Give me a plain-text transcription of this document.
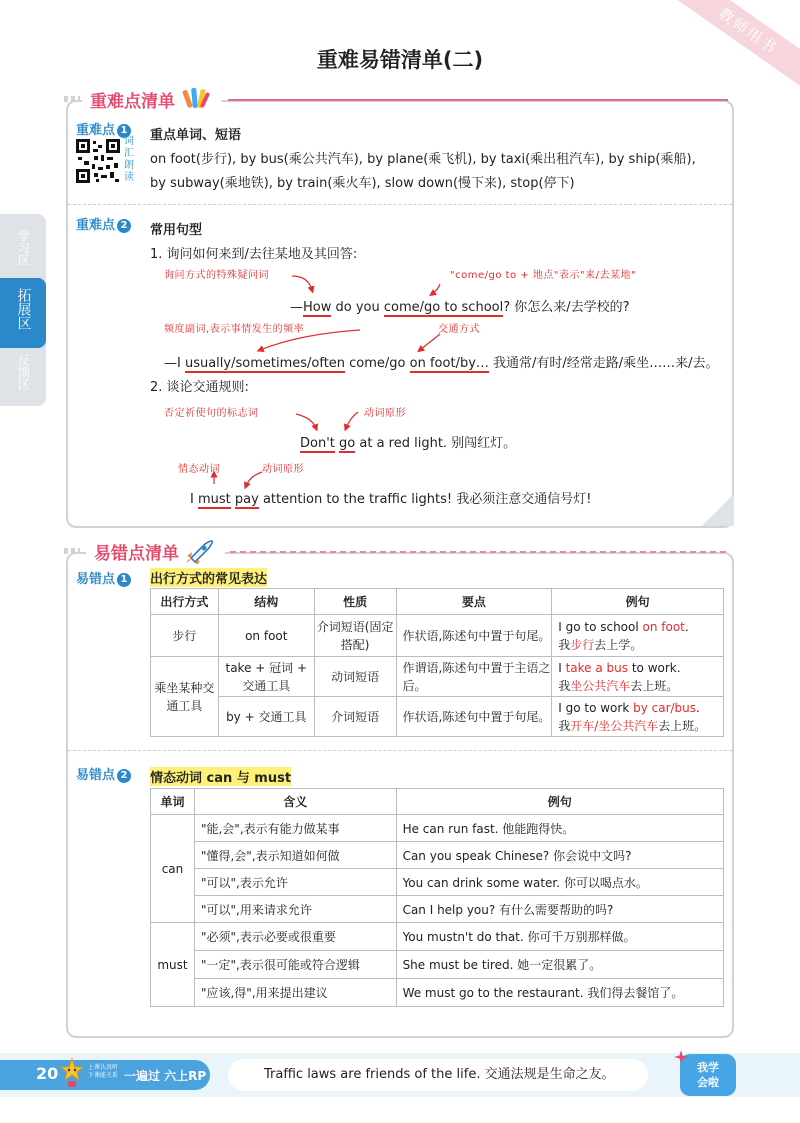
教师用书
重难易错清单(二)
重难点清单
重难点 1
词
汇
朗
读
重点单词、短语
on foot(步行), by bus(乘公共汽车), by plane(乘飞机), by taxi(乘出租汽车), by ship(乘船),
by subway(乘地铁), by train(乘火车), slow down(慢下来), stop(停下)
重难点 2 常用句型
1. 询问如何来到/去往某地及其回答:
询问方式的特殊疑问词	"come/go to + 地点"表示"来/去某地"
—How do you come/go to school? 你怎么来/去学校的?
频度副词,表示事情发生的频率	交通方式
—I usually/sometimes/often come/go on foot/by… 我通常/有时/经常走路/乘坐……来/去。
2. 谈论交通规则:
否定祈使句的标志词	动词原形
Don't go at a red light. 别闯红灯。
情态动词	动词原形
I must pay attention to the traffic lights! 我必须注意交通信号灯!
学习区
拓展区
反馈区
易错点清单
易错点 1 出行方式的常见表达
出行方式	结构	性质	要点	例句
步行	on foot	介词短语(固定搭配)	作状语,陈述句中置于句尾。	I go to school on foot.
我步行去上学。
乘坐某种交通工具	take + 冠词 + 交通工具	动词短语	作谓语,陈述句中置于主语之后。	I take a bus to work.
我坐公共汽车去上班。
	by + 交通工具	介词短语	作状语,陈述句中置于句尾。	I go to work by car/bus.
我开车/坐公共汽车去上班。
易错点 2 情态动词 can 与 must
单词	含义	例句
can	"能,会",表示有能力做某事	He can run fast. 他能跑得快。
	"懂得,会",表示知道如何做	Can you speak Chinese? 你会说中文吗?
	"可以",表示允许	You can drink some water. 你可以喝点水。
	"可以",用来请求允许	Can I help you? 有什么需要帮助的吗?
must	"必须",表示必要或很重要	You mustn't do that. 你可千万别那样做。
	"一定",表示很可能或符合逻辑	She must be tired. 她一定很累了。
	"应该,得",用来提出建议	We must go to the restaurant. 我们得去餐馆了。
20	上课认真听
下课能关系 一遍过 六上RP	Traffic laws are friends of the life. 交通法规是生命之友。	我学
会啦
